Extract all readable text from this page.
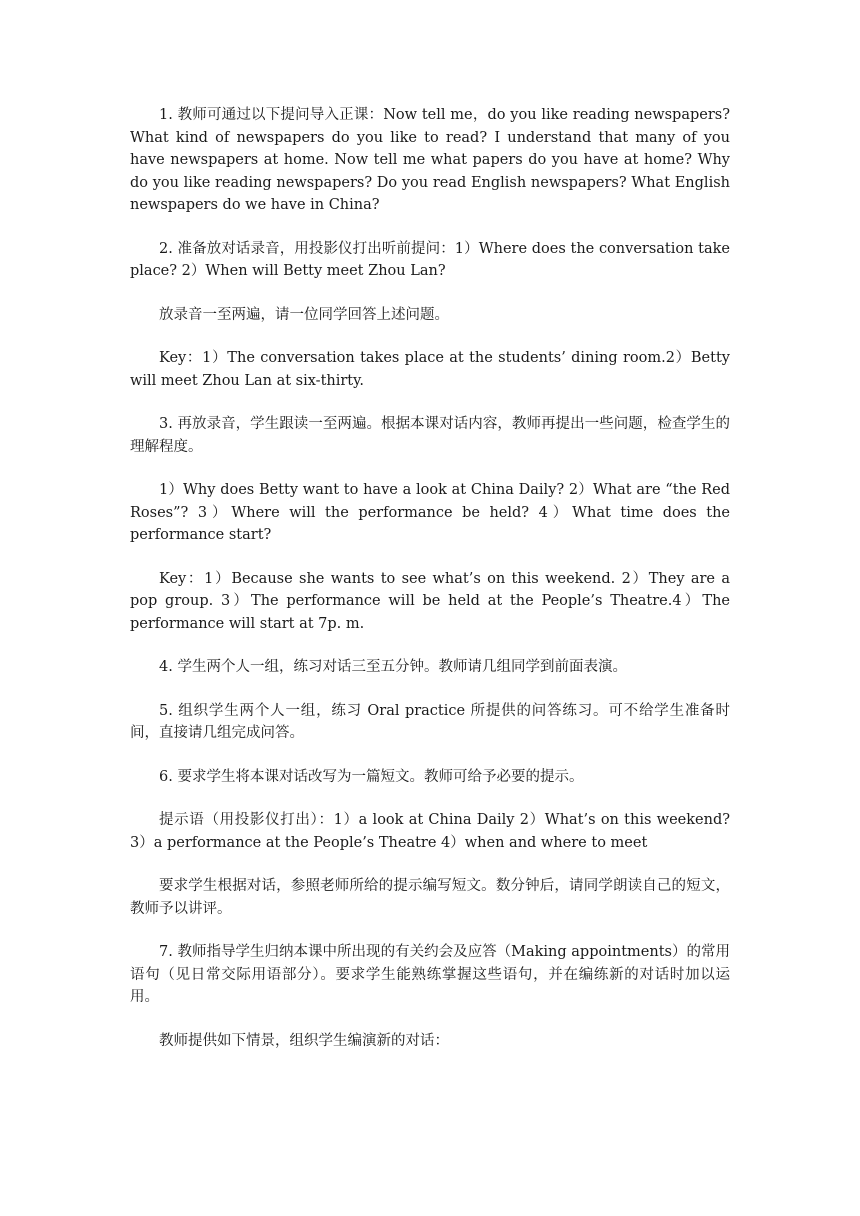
1. 教师可通过以下提问导入正课：Now tell me，do you like reading newspapers? What kind of newspapers do you like to read? I understand that many of you have newspapers at home. Now tell me what papers do you have at home? Why do you like reading newspapers? Do you read English newspapers? What English newspapers do we have in China?

2. 准备放对话录音，用投影仪打出听前提问：1）Where does the conversation take place? 2）When will Betty meet Zhou Lan?

放录音一至两遍，请一位同学回答上述问题。

Key：1）The conversation takes place at the students’ dining room.2）Betty will meet Zhou Lan at six-thirty.

3. 再放录音，学生跟读一至两遍。根据本课对话内容，教师再提出一些问题，检查学生的理解程度。

1）Why does Betty want to have a look at China Daily? 2）What are “the Red Roses”? 3）Where will the performance be held? 4）What time does the performance start?

Key：1）Because she wants to see what’s on this weekend. 2）They are a pop group. 3）The performance will be held at the People’s Theatre.4）The performance will start at 7p. m.

4. 学生两个人一组，练习对话三至五分钟。教师请几组同学到前面表演。

5. 组织学生两个人一组，练习 Oral practice 所提供的问答练习。可不给学生准备时间，直接请几组完成问答。

6. 要求学生将本课对话改写为一篇短文。教师可给予必要的提示。

提示语（用投影仪打出）：1）a look at China Daily 2）What’s on this weekend? 3）a performance at the People’s Theatre 4）when and where to meet

要求学生根据对话，参照老师所给的提示编写短文。数分钟后，请同学朗读自己的短文，教师予以讲评。

7. 教师指导学生归纳本课中所出现的有关约会及应答（Making appointments）的常用语句（见日常交际用语部分）。要求学生能熟练掌握这些语句，并在编练新的对话时加以运用。

教师提供如下情景，组织学生编演新的对话：
